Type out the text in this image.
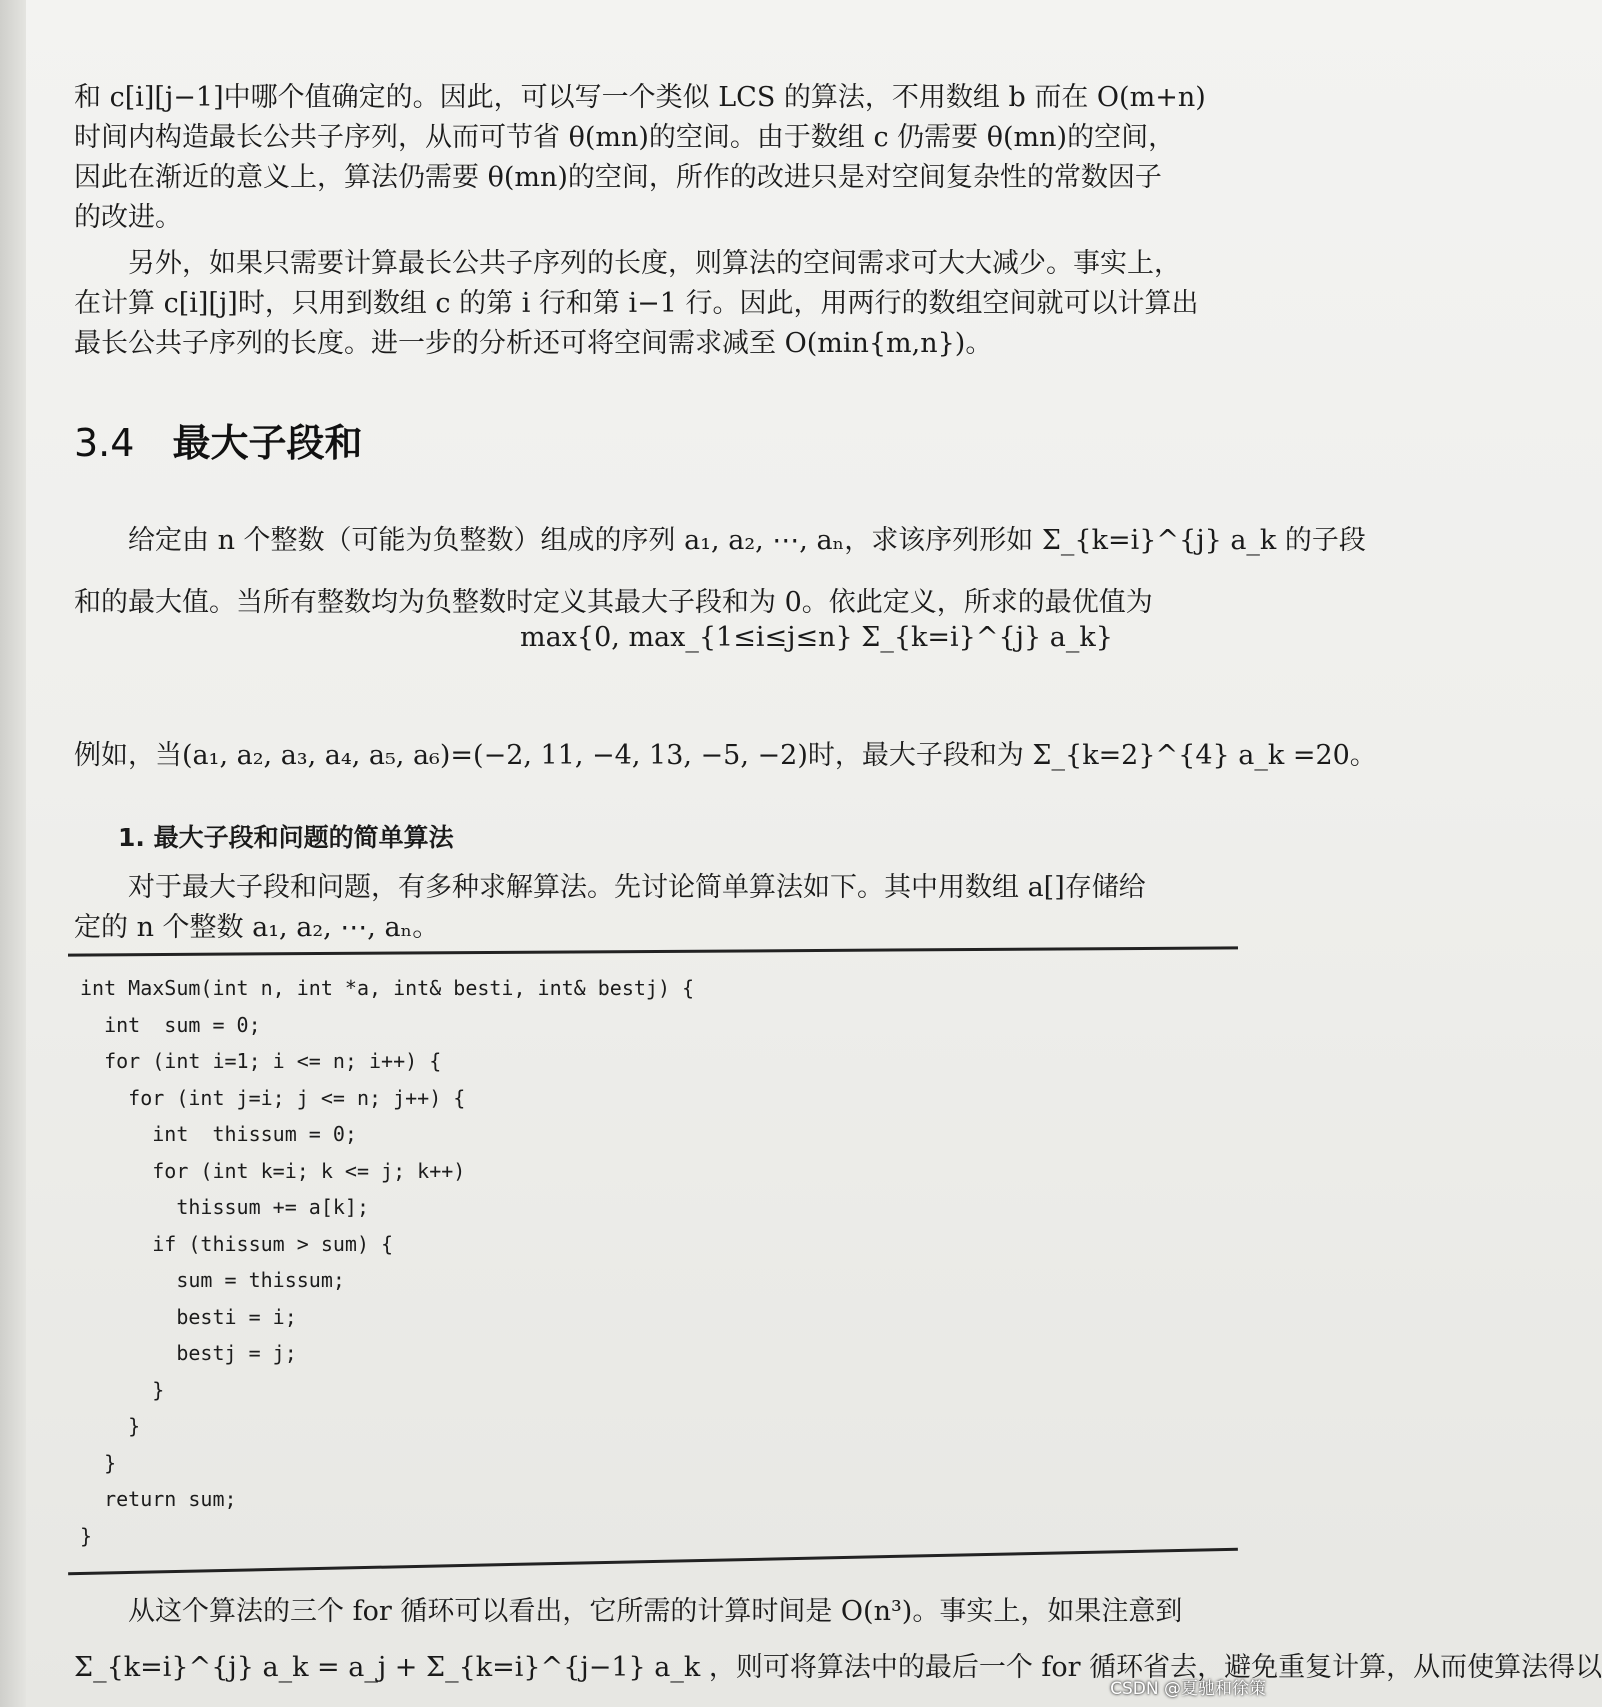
和 c[i][j−1]中哪个值确定的。因此，可以写一个类似 LCS 的算法，不用数组 b 而在 O(m+n)
时间内构造最长公共子序列，从而可节省 θ(mn)的空间。由于数组 c 仍需要 θ(mn)的空间，
因此在渐近的意义上，算法仍需要 θ(mn)的空间，所作的改进只是对空间复杂性的常数因子
的改进。
另外，如果只需要计算最长公共子序列的长度，则算法的空间需求可大大减少。事实上，
在计算 c[i][j]时，只用到数组 c 的第 i 行和第 i−1 行。因此，用两行的数组空间就可以计算出
最长公共子序列的长度。进一步的分析还可将空间需求减至 O(min{m,n})。
3.4 最大子段和
给定由 n 个整数（可能为负整数）组成的序列 a₁, a₂, ⋯, aₙ，求该序列形如 Σ_{k=i}^{j} a_k 的子段
和的最大值。当所有整数均为负整数时定义其最大子段和为 0。依此定义，所求的最优值为
max{0, max_{1≤i≤j≤n} Σ_{k=i}^{j} a_k}
例如，当(a₁, a₂, a₃, a₄, a₅, a₆)=(−2, 11, −4, 13, −5, −2)时，最大子段和为 Σ_{k=2}^{4} a_k =20。
1. 最大子段和问题的简单算法
对于最大子段和问题，有多种求解算法。先讨论简单算法如下。其中用数组 a[]存储给
定的 n 个整数 a₁, a₂, ⋯, aₙ。
int MaxSum(int n, int *a, int& besti, int& bestj) {
int  sum = 0;
for (int i=1; i <= n; i++) {
for (int j=i; j <= n; j++) {
int  thissum = 0;
for (int k=i; k <= j; k++)
thissum += a[k];
if (thissum > sum) {
sum = thissum;
besti = i;
bestj = j;
}
}
}
return sum;
}
从这个算法的三个 for 循环可以看出，它所需的计算时间是 O(n³)。事实上，如果注意到
Σ_{k=i}^{j} a_k = a_j + Σ_{k=i}^{j−1} a_k ，则可将算法中的最后一个 for 循环省去，避免重复计算，从而使算法得以
CSDN @夏驰和徐策
